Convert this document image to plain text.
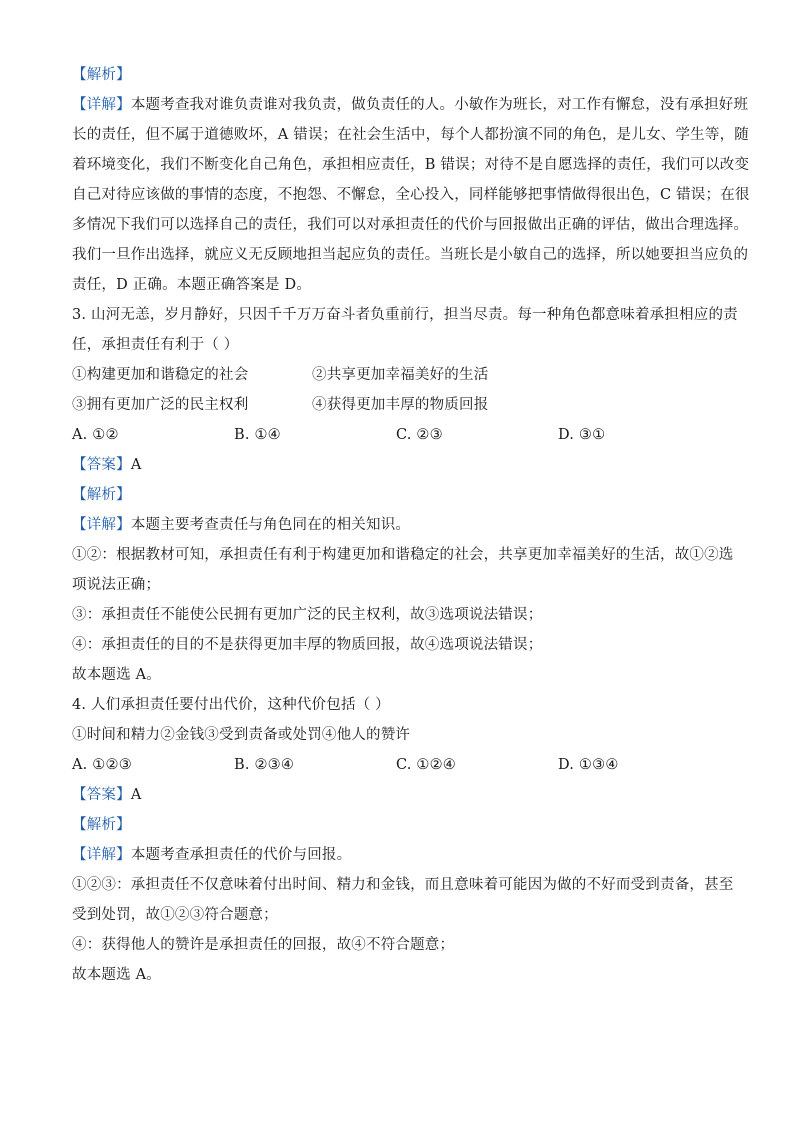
【解析】
【详解】本题考查我对谁负责谁对我负责，做负责任的人。小敏作为班长，对工作有懈怠，没有承担好班
长的责任，但不属于道德败坏，A 错误；在社会生活中，每个人都扮演不同的角色，是儿女、学生等，随
着环境变化，我们不断变化自己角色，承担相应责任，B 错误；对待不是自愿选择的责任，我们可以改变
自己对待应该做的事情的态度，不抱怨、不懈怠，全心投入，同样能够把事情做得很出色，C 错误；在很
多情况下我们可以选择自己的责任，我们可以对承担责任的代价与回报做出正确的评估，做出合理选择。
我们一旦作出选择，就应义无反顾地担当起应负的责任。当班长是小敏自己的选择，所以她要担当应负的
责任，D 正确。本题正确答案是 D。
3. 山河无恙，岁月静好，只因千千万万奋斗者负重前行，担当尽责。每一种角色都意味着承担相应的责
任，承担责任有利于（ ）
①构建更加和谐稳定的社会	②共享更加幸福美好的生活
③拥有更加广泛的民主权利	④获得更加丰厚的物质回报
A. ①②	B. ①④	C. ②③	D. ③①
【答案】A
【解析】
【详解】本题主要考查责任与角色同在的相关知识。
①②：根据教材可知，承担责任有利于构建更加和谐稳定的社会，共享更加幸福美好的生活，故①②选
项说法正确；
③：承担责任不能使公民拥有更加广泛的民主权利，故③选项说法错误；
④：承担责任的目的不是获得更加丰厚的物质回报，故④选项说法错误；
故本题选 A。
4. 人们承担责任要付出代价，这种代价包括（ ）
①时间和精力②金钱③受到责备或处罚④他人的赞许
A. ①②③	B. ②③④	C. ①②④	D. ①③④
【答案】A
【解析】
【详解】本题考查承担责任的代价与回报。
①②③：承担责任不仅意味着付出时间、精力和金钱，而且意味着可能因为做的不好而受到责备，甚至
受到处罚，故①②③符合题意；
④：获得他人的赞许是承担责任的回报，故④不符合题意；
故本题选 A。
